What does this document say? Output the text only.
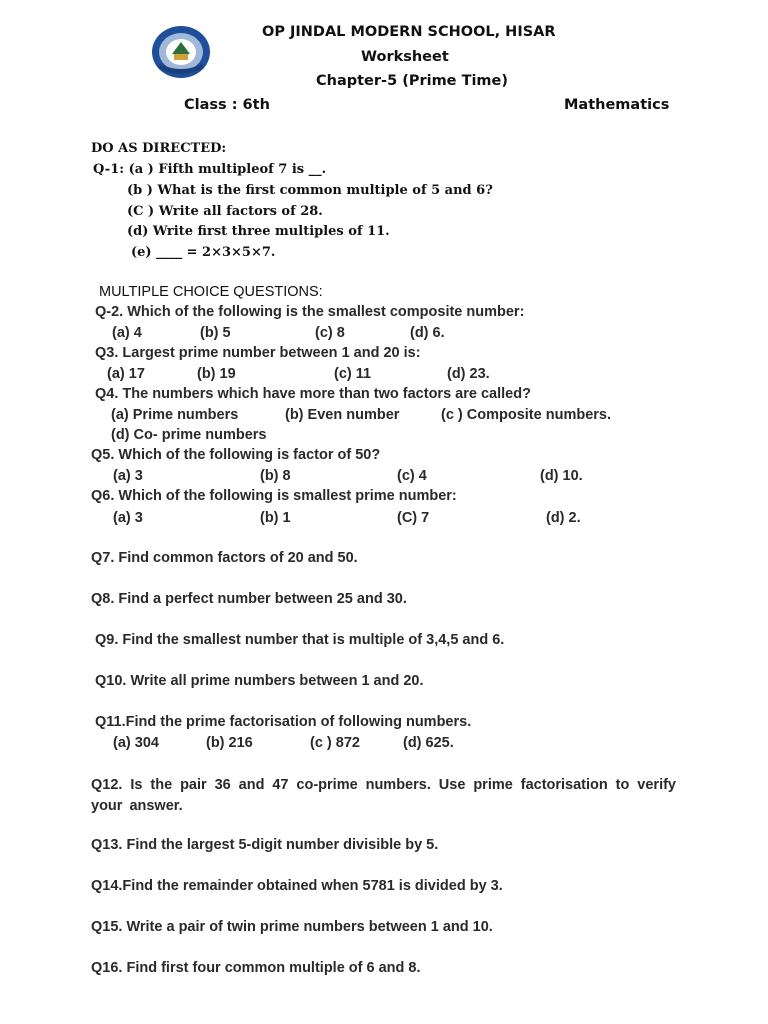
OP JINDAL MODERN SCHOOL, HISAR
Worksheet
Chapter-5 (Prime Time)
Class : 6th	Mathematics
DO AS DIRECTED:
Q-1: (a ) Fifth multipleof 7 is __.
(b ) What is the first common multiple of 5 and 6?
(C ) Write all factors of 28.
(d) Write first three multiples of 11.
(e) ____ = 2×3×5×7.
MULTIPLE CHOICE QUESTIONS:
Q-2. Which of the following is the smallest composite number:
(a) 4	(b) 5	(c) 8	(d) 6.
Q3. Largest prime number between 1 and 20 is:
(a) 17	(b) 19	(c) 11	(d) 23.
Q4. The numbers which have more than two factors are called?
(a) Prime numbers	(b) Even number	(c ) Composite numbers.
(d) Co- prime numbers
Q5. Which of the following is factor of 50?
(a) 3	(b) 8	(c) 4	(d) 10.
Q6. Which of the following is smallest prime number:
(a) 3	(b) 1	(C) 7	(d) 2.
Q7. Find common factors of 20 and 50.
Q8. Find a perfect number between 25 and 30.
Q9. Find the smallest number that is multiple of 3,4,5 and 6.
Q10. Write all prime numbers between 1 and 20.
Q11.Find the prime factorisation of following numbers.
(a) 304	(b) 216	(c ) 872	(d) 625.
Q12. Is the pair 36 and 47 co-prime numbers. Use prime factorisation to verify your answer.
Q13. Find the largest 5-digit number divisible by 5.
Q14.Find the remainder obtained when 5781 is divided by 3.
Q15. Write a pair of twin prime numbers between 1 and 10.
Q16. Find first four common multiple of 6 and 8.
